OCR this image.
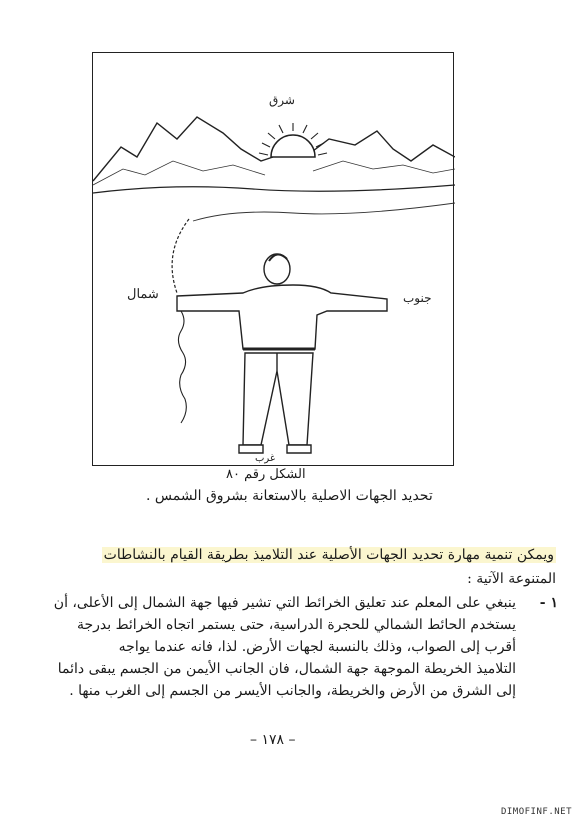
شرق
شمال	جنوب
غرب
الشكل رقم ٨٠
تحديد الجهات الاصلية بالاستعانة بشروق الشمس .
ويمكن تنمية مهارة تحديد الجهات الأصلية عند التلاميذ بطريقة القيام بالنشاطات
المتنوعة الآتية :
١ -
ينبغي على المعلم عند تعليق الخرائط التي تشير فيها جهة الشمال إلى الأعلى، أن
يستخدم الحائط الشمالي للحجرة الدراسية، حتى يستمر اتجاه الخرائط بدرجة
أقرب إلى الصواب، وذلك بالنسبة لجهات الأرض. لذا، فانه عندما يواجه
التلاميذ الخريطة الموجهة جهة الشمال، فان الجانب الأيمن من الجسم يبقى دائما
إلى الشرق من الأرض والخريطة، والجانب الأيسر من الجسم إلى الغرب منها .
– ١٧٨ –
DIMOFINF.NET
